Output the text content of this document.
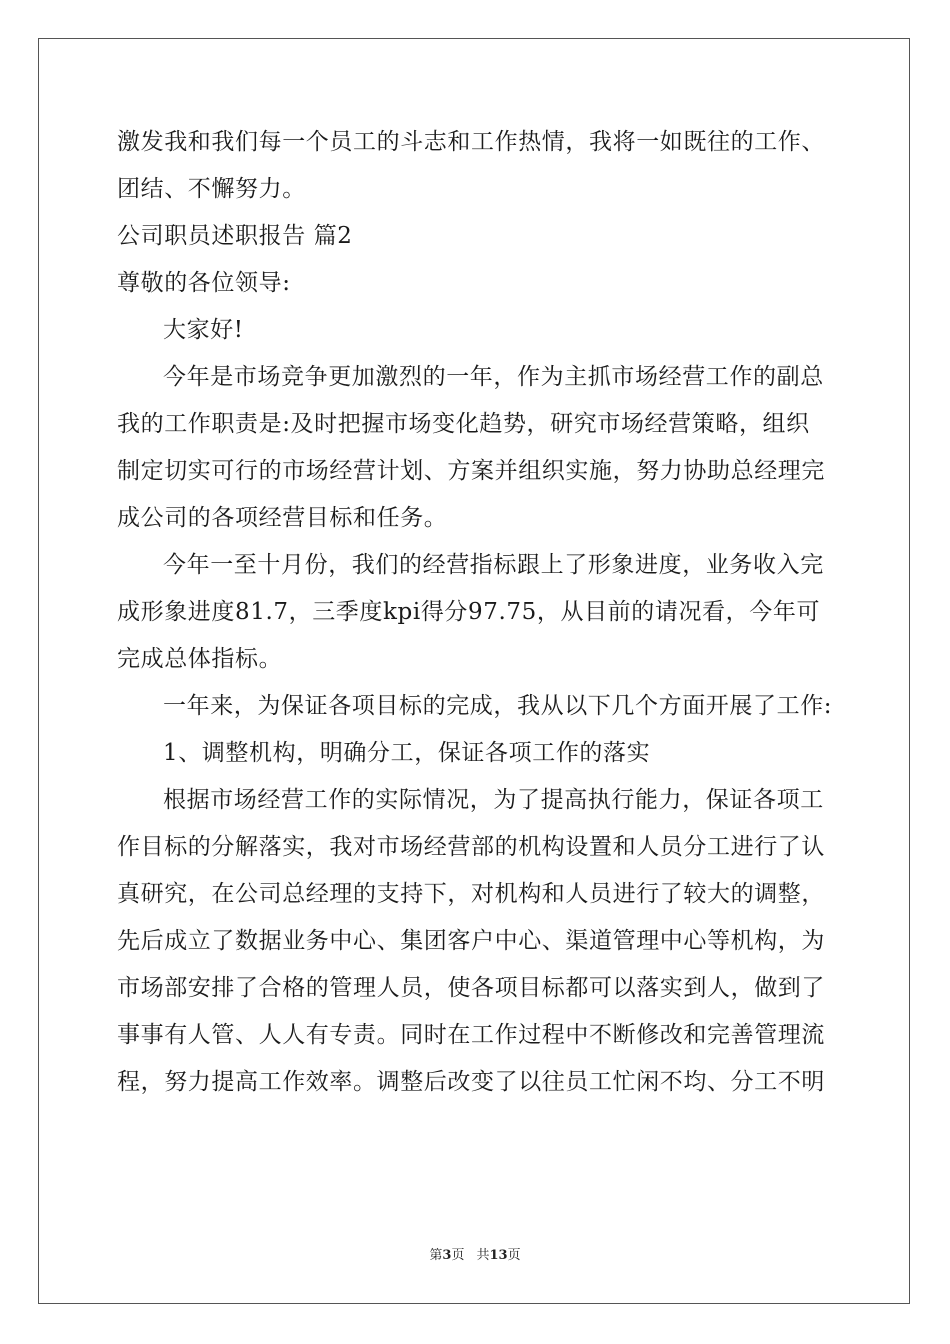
激发我和我们每一个员工的斗志和工作热情，我将一如既往的工作、
团结、不懈努力。
公司职员述职报告 篇2
尊敬的各位领导:
大家好!
今年是市场竞争更加激烈的一年，作为主抓市场经营工作的副总
我的工作职责是:及时把握市场变化趋势，研究市场经营策略，组织
制定切实可行的市场经营计划、方案并组织实施，努力协助总经理完
成公司的各项经营目标和任务。
今年一至十月份，我们的经营指标跟上了形象进度，业务收入完
成形象进度81.7，三季度kpi得分97.75，从目前的请况看，今年可
完成总体指标。
一年来，为保证各项目标的完成，我从以下几个方面开展了工作:
1、调整机构，明确分工，保证各项工作的落实
根据市场经营工作的实际情况，为了提高执行能力，保证各项工
作目标的分解落实，我对市场经营部的机构设置和人员分工进行了认
真研究，在公司总经理的支持下，对机构和人员进行了较大的调整，
先后成立了数据业务中心、集团客户中心、渠道管理中心等机构，为
市场部安排了合格的管理人员，使各项目标都可以落实到人，做到了
事事有人管、人人有专责。同时在工作过程中不断修改和完善管理流
程，努力提高工作效率。调整后改变了以往员工忙闲不均、分工不明
第3页 共13页
